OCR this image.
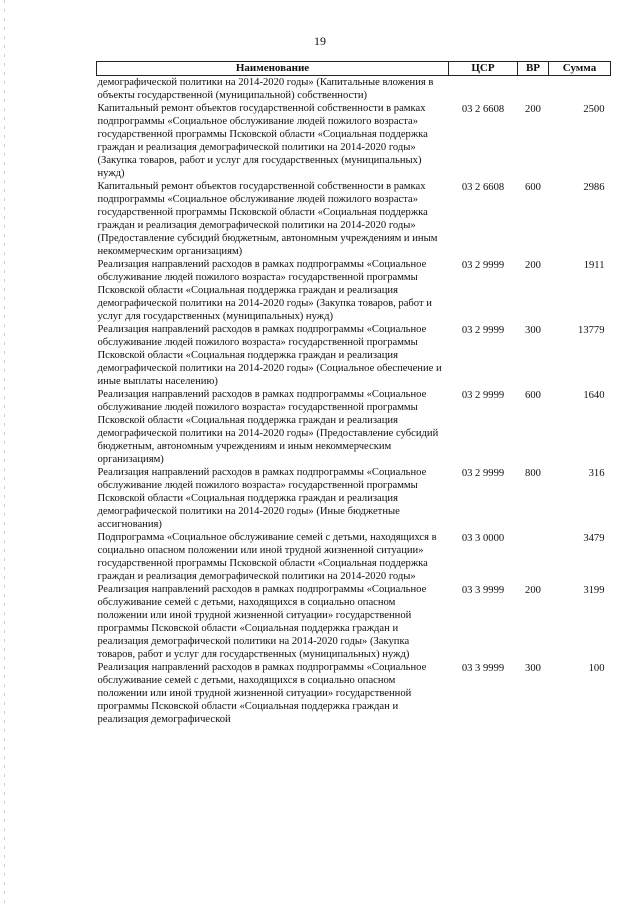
19
Наименование	ЦСР	ВР	Сумма
демографической политики на 2014-2020 годы» (Капитальные вложения в объекты государственной (муниципальной) собственности)			
Капитальный ремонт объектов государственной собственности в рамках подпрограммы «Социальное обслуживание людей пожилого возраста» государственной программы Псковской области «Социальная поддержка граждан и реализация демографической политики на 2014-2020 годы» (Закупка товаров, работ и услуг для государственных (муниципальных) нужд)	03 2 6608	200	2500
Капитальный ремонт объектов государственной собственности в рамках подпрограммы «Социальное обслуживание людей пожилого возраста» государственной программы Псковской области «Социальная поддержка граждан и реализация демографической политики на 2014-2020 годы» (Предоставление субсидий бюджетным, автономным учреждениям и иным некоммерческим организациям)	03 2 6608	600	2986
Реализация направлений расходов в рамках подпрограммы «Социальное обслуживание людей пожилого возраста» государственной программы Псковской области «Социальная поддержка граждан и реализация демографической политики на 2014-2020 годы» (Закупка товаров, работ и услуг для государственных (муниципальных) нужд)	03 2 9999	200	1911
Реализация направлений расходов в рамках подпрограммы «Социальное обслуживание людей пожилого возраста» государственной программы Псковской области «Социальная поддержка граждан и реализация демографической политики на 2014-2020 годы» (Социальное обеспечение и иные выплаты населению)	03 2 9999	300	13779
Реализация направлений расходов в рамках подпрограммы «Социальное обслуживание людей пожилого возраста» государственной программы Псковской области «Социальная поддержка граждан и реализация демографической политики на 2014-2020 годы» (Предоставление субсидий бюджетным, автономным учреждениям и иным некоммерческим организациям)	03 2 9999	600	1640
Реализация направлений расходов в рамках подпрограммы «Социальное обслуживание людей пожилого возраста» государственной программы Псковской области «Социальная поддержка граждан и реализация демографической политики на 2014-2020 годы» (Иные бюджетные ассигнования)	03 2 9999	800	316
Подпрограмма «Социальное обслуживание семей с детьми, находящихся в социально опасном положении или иной трудной жизненной ситуации» государственной программы Псковской области «Социальная поддержка граждан и реализация демографической политики на 2014-2020 годы»	03 3 0000		3479
Реализация направлений расходов в рамках подпрограммы «Социальное обслуживание семей с детьми, находящихся в социально опасном положении или иной трудной жизненной ситуации» государственной программы Псковской области «Социальная поддержка граждан и реализация демографической политики на 2014-2020 годы» (Закупка товаров, работ и услуг для государственных (муниципальных) нужд)	03 3 9999	200	3199
Реализация направлений расходов в рамках подпрограммы «Социальное обслуживание семей с детьми, находящихся в социально опасном положении или иной трудной жизненной ситуации» государственной программы Псковской области «Социальная поддержка граждан и реализация демографической	03 3 9999	300	100
